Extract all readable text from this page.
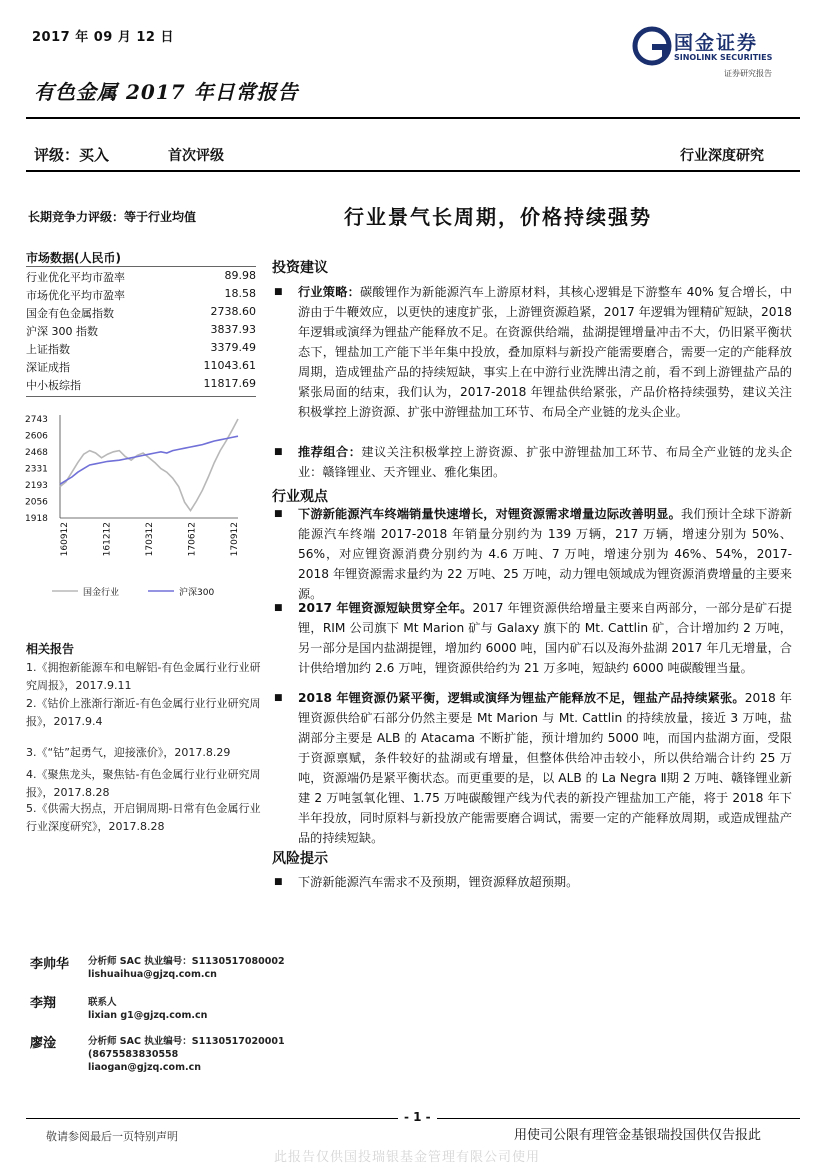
2017 年 09 月 12 日
有色金属 2017 年日常报告
国金证券
SINOLINK SECURITIES
证券研究报告
评级：买入	首次评级	行业深度研究
长期竞争力评级：等于行业均值
市场数据(人民币)
行业优化平均市盈率	89.98
市场优化平均市盈率	18.58
国金有色金属指数	2738.60
沪深 300 指数	3837.93
上证指数	3379.49
深证成指	11043.61
中小板综指	11817.69
1918
2056
2193
2331
2468
2606
2743
160912	161212	170312	170612	170912
国金行业	沪深300
相关报告
1.《拥抱新能源车和电解铝-有色金属行业行业研究周报》，2017.9.11
2.《钴价上涨渐行渐近-有色金属行业行业研究周报》，2017.9.4
3.《“钴”起勇气，迎接涨价》，2017.8.29
4.《聚焦龙头，聚焦钴-有色金属行业行业研究周报》，2017.8.28
5.《供需大拐点，开启铜周期-日常有色金属行业行业深度研究》，2017.8.28
行业景气长周期，价格持续强势
投资建议
■	行业策略：碳酸锂作为新能源汽车上游原材料，其核心逻辑是下游整车 40% 复合增长，中游由于牛鞭效应，以更快的速度扩张，上游锂资源趋紧，2017 年逻辑为锂精矿短缺，2018 年逻辑或演绎为锂盐产能释放不足。在资源供给端，盐湖提锂增量冲击不大，仍旧紧平衡状态下，锂盐加工产能下半年集中投放，叠加原料与新投产能需要磨合，需要一定的产能释放周期，造成锂盐产品的持续短缺，事实上在中游行业洗牌出清之前，看不到上游锂盐产品的紧张局面的结束，我们认为，2017-2018 年锂盐供给紧张，产品价格持续强势，建议关注积极掌控上游资源、扩张中游锂盐加工环节、布局全产业链的龙头企业。
■	推荐组合：建议关注积极掌控上游资源、扩张中游锂盐加工环节、布局全产业链的龙头企业：赣锋锂业、天齐锂业、雅化集团。
行业观点
■	下游新能源汽车终端销量快速增长，对锂资源需求增量边际改善明显。我们预计全球下游新能源汽车终端 2017-2018 年销量分别约为 139 万辆，217 万辆，增速分别为 50%、56%，对应锂资源消费分别约为 4.6 万吨、7 万吨，增速分别为 46%、54%，2017-2018 年锂资源需求量约为 22 万吨、25 万吨，动力锂电领域成为锂资源消费增量的主要来源。
■	2017 年锂资源短缺贯穿全年。2017 年锂资源供给增量主要来自两部分，一部分是矿石提锂，RIM 公司旗下 Mt Marion 矿与 Galaxy 旗下的 Mt. Cattlin 矿，合计增加约 2 万吨，另一部分是国内盐湖提锂，增加约 6000 吨，国内矿石以及海外盐湖 2017 年几无增量，合计供给增加约 2.6 万吨，锂资源供给约为 21 万多吨，短缺约 6000 吨碳酸锂当量。
■	2018 年锂资源仍紧平衡，逻辑或演绎为锂盐产能释放不足，锂盐产品持续紧张。2018 年锂资源供给矿石部分仍然主要是 Mt Marion 与 Mt. Cattlin 的持续放量，接近 3 万吨，盐湖部分主要是 ALB 的 Atacama 不断扩能，预计增加约 5000 吨，而国内盐湖方面，受限于资源禀赋，条件较好的盐湖或有增量，但整体供给冲击较小，所以供给端合计约 25 万吨，资源端仍是紧平衡状态。而更重要的是，以 ALB 的 La Negra Ⅱ期 2 万吨、赣锋锂业新建 2 万吨氢氧化锂、1.75 万吨碳酸锂产线为代表的新投产锂盐加工产能，将于 2018 年下半年投放，同时原料与新投放产能需要磨合调试，需要一定的产能释放周期，或造成锂盐产品的持续短缺。
风险提示
■	下游新能源汽车需求不及预期，锂资源释放超预期。
李帅华 分析师 SAC 执业编号：S1130517080002
lishuaihua@gjzq.com.cn
李翔	联系人
lixian g1@gjzq.com.cn
廖淦	分析师 SAC 执业编号：S1130517020001
(8675583830558
liaogan@gjzq.com.cn
- 1 -
敬请参阅最后一页特别声明	用使司公限有理管金基银瑞投国供仅告报此
此报告仅供国投瑞银基金管理有限公司使用
